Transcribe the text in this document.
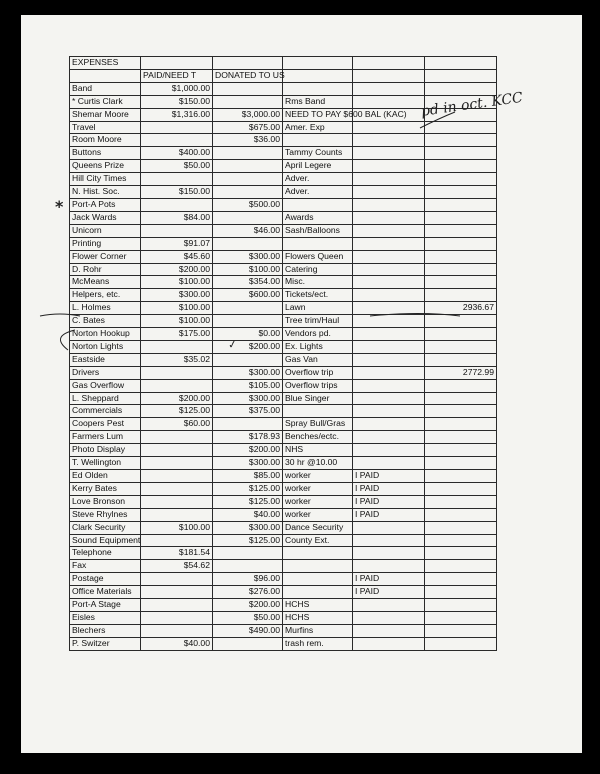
EXPENSES					
	PAID/NEED T	DONATED TO US			
Band	$1,000.00				
* Curtis Clark	$150.00		Rms Band		
Shemar Moore	$1,316.00	$3,000.00	NEED TO PAY $600 BAL (KAC)		
Travel		$675.00	Amer. Exp		
Room Moore		$36.00			
Buttons	$400.00		Tammy Counts		
Queens Prize	$50.00		April Legere		
Hill City Times			Adver.		
N. Hist. Soc.	$150.00		Adver.		
Port-A Pots		$500.00			
Jack Wards	$84.00		Awards		
Unicorn		$46.00	Sash/Balloons		
Printing	$91.07				
Flower Corner	$45.60	$300.00	Flowers Queen		
D. Rohr	$200.00	$100.00	Catering		
McMeans	$100.00	$354.00	Misc.		
Helpers, etc.	$300.00	$600.00	Tickets/ect.		
L. Holmes	$100.00		Lawn		2936.67
C. Bates	$100.00		Tree trim/Haul		
Norton Hookup	$175.00	$0.00	Vendors pd.		
Norton Lights		$200.00	Ex. Lights		
Eastside	$35.02		Gas Van		
Drivers		$300.00	Overflow trip		2772.99
Gas Overflow		$105.00	Overflow trips		
L. Sheppard	$200.00	$300.00	Blue Singer		
Commercials	$125.00	$375.00			
Coopers Pest	$60.00		Spray Bull/Gras		
Farmers Lum		$178.93	Benches/ectc.		
Photo Display		$200.00	NHS		
T. Wellington		$300.00	30 hr @10.00		
Ed Olden		$85.00	worker	I PAID	
Kerry Bates		$125.00	worker	I PAID	
Love Bronson		$125.00	worker	I PAID	
Steve Rhylnes		$40.00	worker	I PAID	
Clark Security	$100.00	$300.00	Dance Security		
Sound Equipment		$125.00	County Ext.		
Telephone	$181.54				
Fax	$54.62				
Postage		$96.00		I PAID	
Office Materials		$276.00		I PAID	
Port-A Stage		$200.00	HCHS		
Eisles		$50.00	HCHS		
Blechers		$490.00	Murfins		
P. Switzer	$40.00		trash rem.		
pd in oct. KCC
*
✓
